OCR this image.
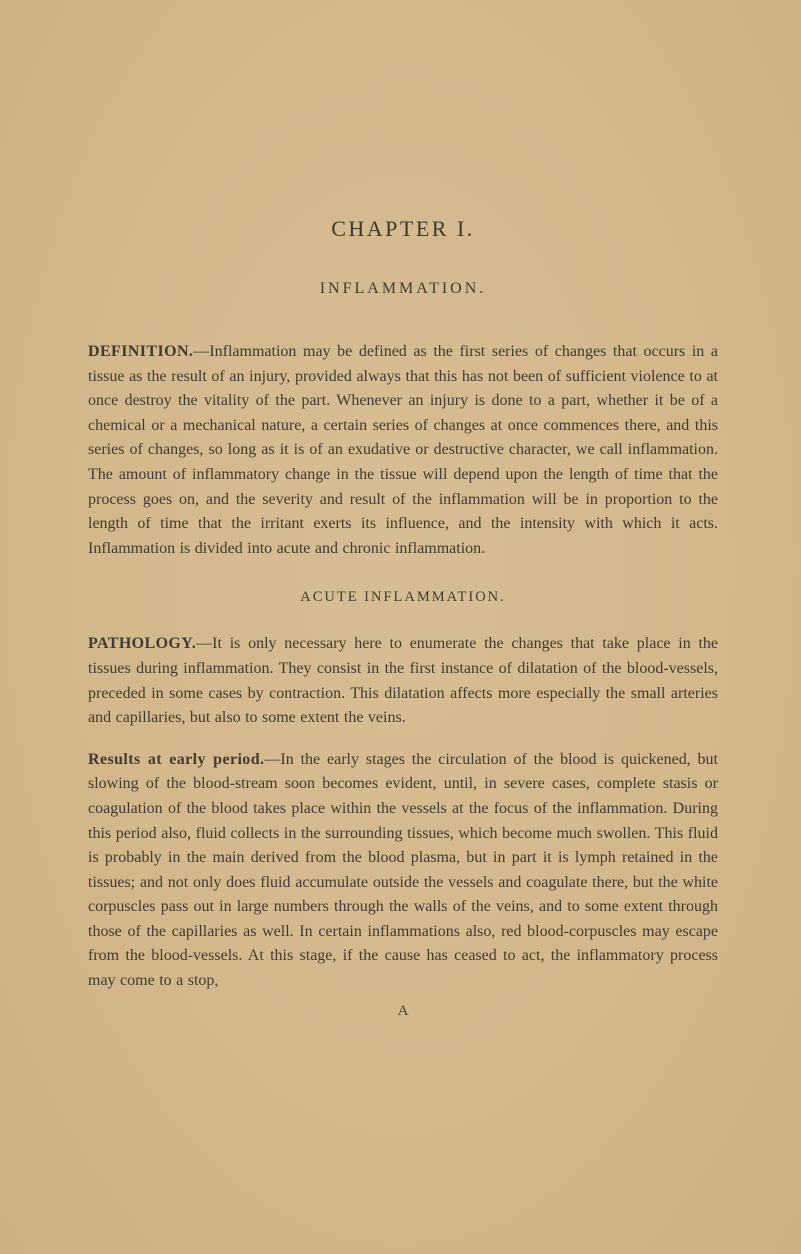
CHAPTER I.
INFLAMMATION.

DEFINITION.—Inflammation may be defined as the first series of changes that occurs in a tissue as the result of an injury, provided always that this has not been of sufficient violence to at once destroy the vitality of the part. Whenever an injury is done to a part, whether it be of a chemical or a mechanical nature, a certain series of changes at once commences there, and this series of changes, so long as it is of an exudative or destructive character, we call inflammation. The amount of inflammatory change in the tissue will depend upon the length of time that the process goes on, and the severity and result of the inflammation will be in proportion to the length of time that the irritant exerts its influence, and the intensity with which it acts. Inflammation is divided into acute and chronic inflammation.

ACUTE INFLAMMATION.

PATHOLOGY.—It is only necessary here to enumerate the changes that take place in the tissues during inflammation. They consist in the first instance of dilatation of the blood-vessels, preceded in some cases by contraction. This dilatation affects more especially the small arteries and capillaries, but also to some extent the veins.

Results at early period.—In the early stages the circulation of the blood is quickened, but slowing of the blood-stream soon becomes evident, until, in severe cases, complete stasis or coagulation of the blood takes place within the vessels at the focus of the inflammation. During this period also, fluid collects in the surrounding tissues, which become much swollen. This fluid is probably in the main derived from the blood plasma, but in part it is lymph retained in the tissues; and not only does fluid accumulate outside the vessels and coagulate there, but the white corpuscles pass out in large numbers through the walls of the veins, and to some extent through those of the capillaries as well. In certain inflammations also, red blood-corpuscles may escape from the blood-vessels. At this stage, if the cause has ceased to act, the inflammatory process may come to a stop,

A
